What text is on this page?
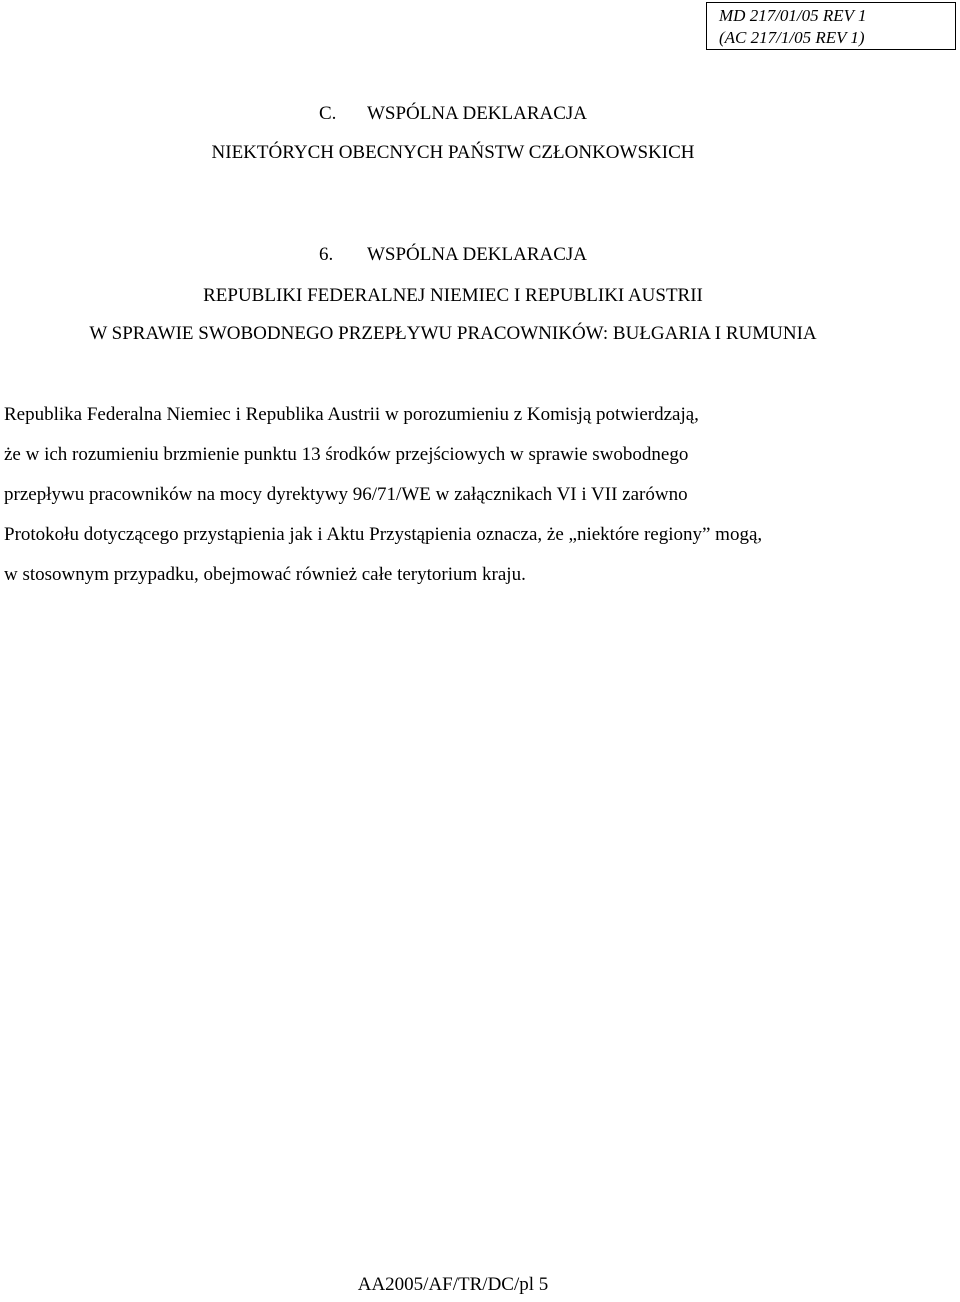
MD 217/01/05 REV 1
(AC 217/1/05 REV 1)
C. WSPÓLNA DEKLARACJA
NIEKTÓRYCH OBECNYCH PAŃSTW CZŁONKOWSKICH
6. WSPÓLNA DEKLARACJA
REPUBLIKI FEDERALNEJ NIEMIEC I REPUBLIKI AUSTRII
W SPRAWIE SWOBODNEGO PRZEPŁYWU PRACOWNIKÓW: BUŁGARIA I RUMUNIA
Republika Federalna Niemiec i Republika Austrii w porozumieniu z Komisją potwierdzają,
że w ich rozumieniu brzmienie punktu 13 środków przejściowych w sprawie swobodnego
przepływu pracowników na mocy dyrektywy 96/71/WE w załącznikach VI i VII zarówno
Protokołu dotyczącego przystąpienia jak i Aktu Przystąpienia oznacza, że „niektóre regiony” mogą,
w stosownym przypadku, obejmować również całe terytorium kraju.
AA2005/AF/TR/DC/pl 5
